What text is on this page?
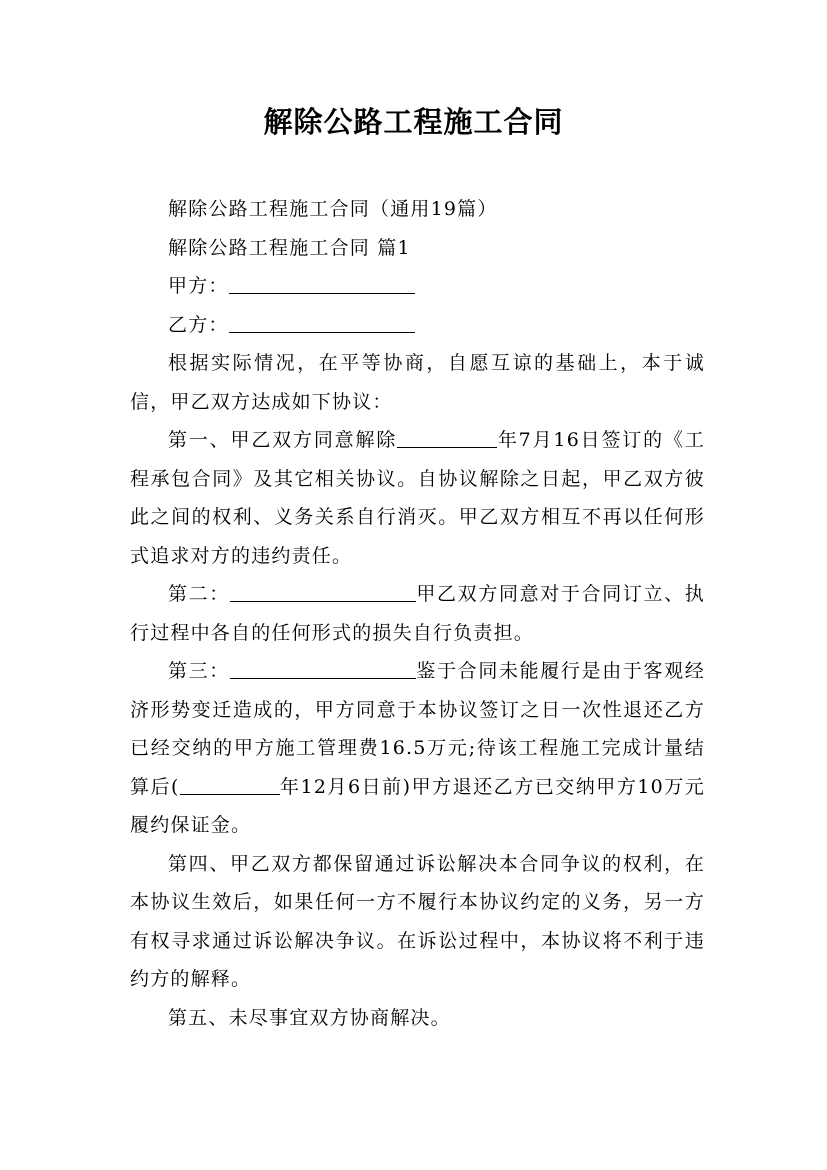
解除公路工程施工合同

解除公路工程施工合同（通用19篇）

解除公路工程施工合同 篇1

甲方：

乙方：

根据实际情况，在平等协商，自愿互谅的基础上，本于诚信，甲乙双方达成如下协议：

第一、甲乙双方同意解除	年7月16日签订的《工程承包合同》及其它相关协议。自协议解除之日起，甲乙双方彼此之间的权利、义务关系自行消灭。甲乙双方相互不再以任何形式追求对方的违约责任。

第二：	甲乙双方同意对于合同订立、执行过程中各自的任何形式的损失自行负责担。

第三：	鉴于合同未能履行是由于客观经济形势变迁造成的，甲方同意于本协议签订之日一次性退还乙方已经交纳的甲方施工管理费16.5万元;待该工程施工完成计量结算后(	年12月6日前)甲方退还乙方已交纳甲方10万元履约保证金。

第四、甲乙双方都保留通过诉讼解决本合同争议的权利，在本协议生效后，如果任何一方不履行本协议约定的义务，另一方有权寻求通过诉讼解决争议。在诉讼过程中，本协议将不利于违约方的解释。

第五、未尽事宜双方协商解决。
